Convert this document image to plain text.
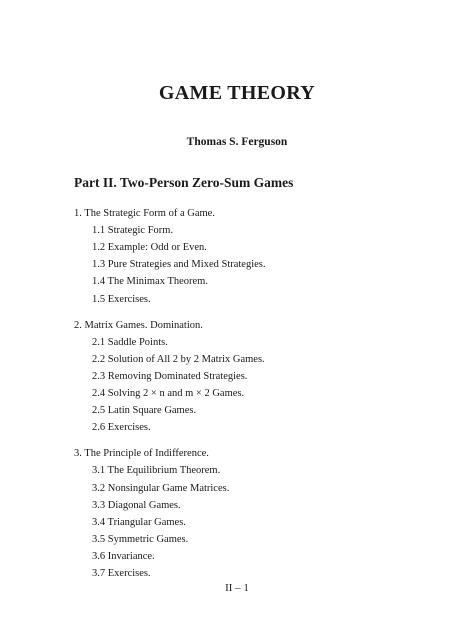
GAME THEORY
Thomas S. Ferguson
Part II. Two-Person Zero-Sum Games
1. The Strategic Form of a Game.
1.1 Strategic Form.
1.2 Example: Odd or Even.
1.3 Pure Strategies and Mixed Strategies.
1.4 The Minimax Theorem.
1.5 Exercises.
2. Matrix Games. Domination.
2.1 Saddle Points.
2.2 Solution of All 2 by 2 Matrix Games.
2.3 Removing Dominated Strategies.
2.4 Solving 2 × n and m × 2 Games.
2.5 Latin Square Games.
2.6 Exercises.
3. The Principle of Indifference.
3.1 The Equilibrium Theorem.
3.2 Nonsingular Game Matrices.
3.3 Diagonal Games.
3.4 Triangular Games.
3.5 Symmetric Games.
3.6 Invariance.
3.7 Exercises.
II – 1
